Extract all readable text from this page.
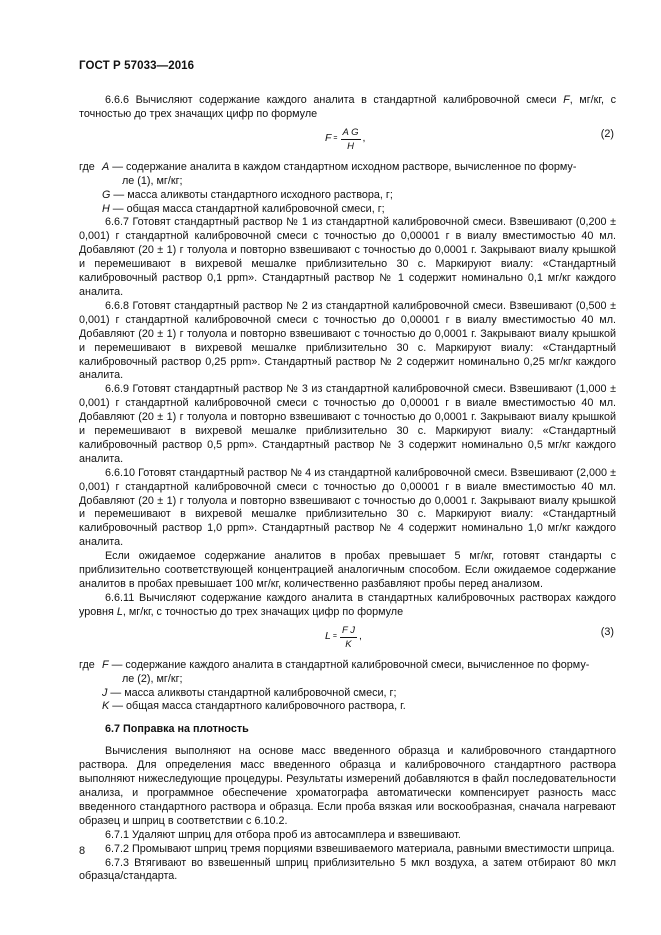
ГОСТ Р 57033—2016

6.6.6 Вычисляют содержание каждого аналита в стандартной калибровочной смеси F, мг/кг, с точностью до трех значащих цифр по формуле

$F = \frac{\text{A G}}{H}$ ,	(2)
где A — содержание аналита в каждом стандартном исходном растворе, вычисленное по форму-

ле (1), мг/кг;

G — масса аликвоты стандартного исходного раствора, г;

H — общая масса стандартной калибровочной смеси, г;

6.6.7 Готовят стандартный раствор № 1 из стандартной калибровочной смеси. Взвешивают (0,200 ± 0,001) г стандартной калибровочной смеси с точностью до 0,00001 г в виалу вместимостью 40 мл. Добавляют (20 ± 1) г толуола и повторно взвешивают с точностью до 0,0001 г. Закрывают виалу крышкой и перемешивают в вихревой мешалке приблизительно 30 с. Маркируют виалу: «Стандартный калибровочный раствор 0,1 ppm». Стандартный раствор № 1 содержит номинально 0,1 мг/кг каждого аналита.

6.6.8 Готовят стандартный раствор № 2 из стандартной калибровочной смеси. Взвешивают (0,500 ± 0,001) г стандартной калибровочной смеси с точностью до 0,00001 г в виалу вместимостью 40 мл. Добавляют (20 ± 1) г толуола и повторно взвешивают с точностью до 0,0001 г. Закрывают виалу крышкой и перемешивают в вихревой мешалке приблизительно 30 с. Маркируют виалу: «Стандартный калибровочный раствор 0,25 ppm». Стандартный раствор № 2 содержит номинально 0,25 мг/кг каждого аналита.

6.6.9 Готовят стандартный раствор № 3 из стандартной калибровочной смеси. Взвешивают (1,000 ± 0,001) г стандартной калибровочной смеси с точностью до 0,00001 г в виале вместимостью 40 мл. Добавляют (20 ± 1) г толуола и повторно взвешивают с точностью до 0,0001 г. Закрывают виалу крышкой и перемешивают в вихревой мешалке приблизительно 30 с. Маркируют виалу: «Стандартный калибровочный раствор 0,5 ppm». Стандартный раствор № 3 содержит номинально 0,5 мг/кг каждого аналита.

6.6.10 Готовят стандартный раствор № 4 из стандартной калибровочной смеси. Взвешивают (2,000 ± 0,001) г стандартной калибровочной смеси с точностью до 0,00001 г в виале вместимостью 40 мл. Добавляют (20 ± 1) г толуола и повторно взвешивают с точностью до 0,0001 г. Закрывают виалу крышкой и перемешивают в вихревой мешалке приблизительно 30 с. Маркируют виалу: «Стандартный калибровочный раствор 1,0 ppm». Стандартный раствор № 4 содержит номинально 1,0 мг/кг каждого аналита.

Если ожидаемое содержание аналитов в пробах превышает 5 мг/кг, готовят стандарты с приблизительно соответствующей концентрацией аналогичным способом. Если ожидаемое содержание аналитов в пробах превышает 100 мг/кг, количественно разбавляют пробы перед анализом.

6.6.11 Вычисляют содержание каждого аналита в стандартных калибровочных растворах каждого уровня L, мг/кг, с точностью до трех значащих цифр по формуле

$L = \frac{\text{F J}}{K}$ ,	(3)
где F — содержание каждого аналита в стандартной калибровочной смеси, вычисленное по форму-

ле (2), мг/кг;

J — масса аликвоты стандартной калибровочной смеси, г;

K — общая масса стандартного калибровочного раствора, г.

6.7 Поправка на плотность

Вычисления выполняют на основе масс введенного образца и калибровочного стандартного раствора. Для определения масс введенного образца и калибровочного стандартного раствора выполняют нижеследующие процедуры. Результаты измерений добавляются в файл последовательности анализа, и программное обеспечение хроматографа автоматически компенсирует разность масс введенного стандартного раствора и образца. Если проба вязкая или воскообразная, сначала нагревают образец и шприц в соответствии с 6.10.2.

6.7.1 Удаляют шприц для отбора проб из автосамплера и взвешивают.

6.7.2 Промывают шприц тремя порциями взвешиваемого материала, равными вместимости шприца.

6.7.3 Втягивают во взвешенный шприц приблизительно 5 мкл воздуха, а затем отбирают 80 мкл образца/стандарта.

8
